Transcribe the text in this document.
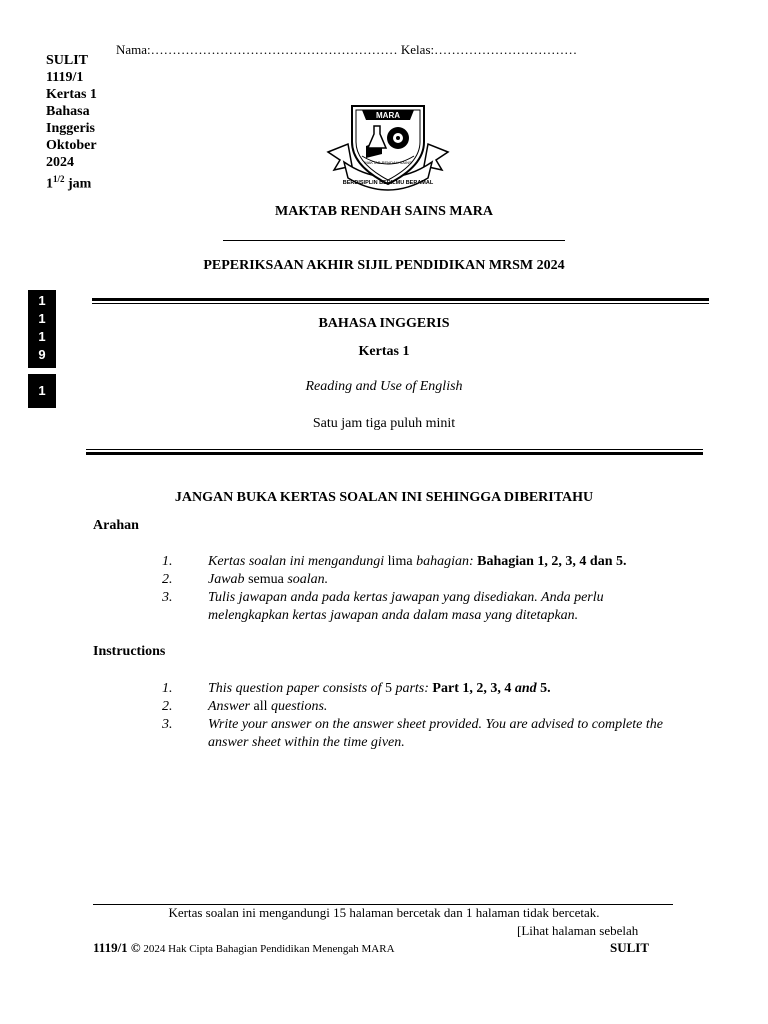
Nama:………………………………………………… Kelas:……………………………
SULIT
1119/1
Kertas 1
Bahasa
Inggeris
Oktober
2024
$1^{1/2}$ jam
MARA
MAKTAB RENDAH SAINS
BERDISIPLIN BERILMU BERAMAL
MAKTAB RENDAH SAINS MARA
PEPERIKSAAN AKHIR SIJIL PENDIDIKAN MRSM 2024
1
1
1
9
1
BAHASA INGGERIS
Kertas 1
Reading and Use of English
Satu jam tiga puluh minit
JANGAN BUKA KERTAS SOALAN INI SEHINGGA DIBERITAHU
Arahan
1.	Kertas soalan ini mengandungi lima bahagian: Bahagian 1, 2, 3, 4 dan 5.
2.	Jawab semua soalan.
3.	Tulis jawapan anda pada kertas jawapan yang disediakan. Anda perlu melengkapkan kertas jawapan anda dalam masa yang ditetapkan.
Instructions
1.	This question paper consists of 5 parts: Part 1, 2, 3, 4 and 5.
2.	Answer all questions.
3.	Write your answer on the answer sheet provided. You are advised to complete the answer sheet within the time given.
Kertas soalan ini mengandungi 15 halaman bercetak dan 1 halaman tidak bercetak.
[Lihat halaman sebelah
1119/1 © 2024 Hak Cipta Bahagian Pendidikan Menengah MARA	SULIT
